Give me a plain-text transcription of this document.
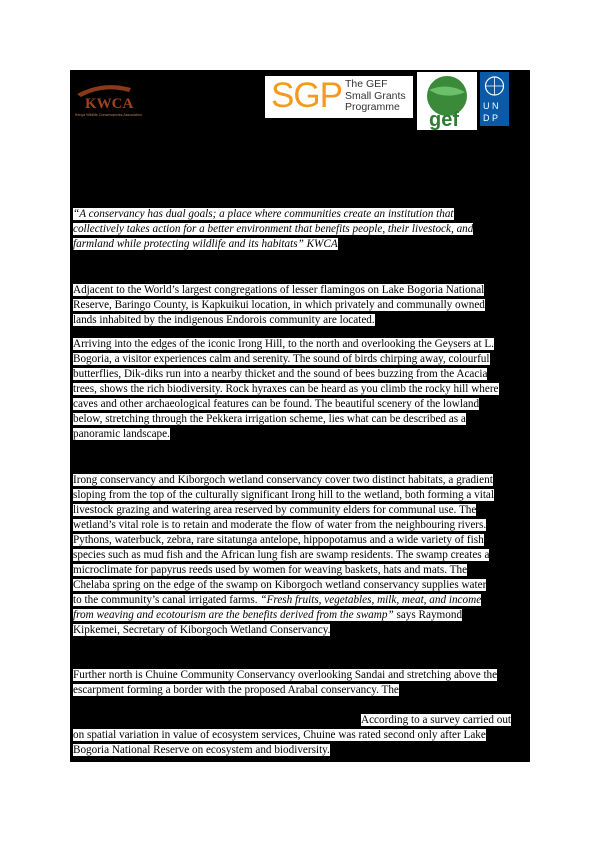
KWCA
Kenya Wildlife Conservancies Association	SGP The GEF
Small Grants
Programme
gef
U N
D P
“A conservancy has dual goals; a place where communities create an institution that
collectively takes action for a better environment that benefits people, their livestock, and
farmland while protecting wildlife and its habitats” KWCA
Adjacent to the World’s largest congregations of lesser flamingos on Lake Bogoria National
Reserve, Baringo County, is Kapkuikui location, in which privately and communally owned
lands inhabited by the indigenous Endorois community are located.
Arriving into the edges of the iconic Irong Hill, to the north and overlooking the Geysers at L.
Bogoria, a visitor experiences calm and serenity. The sound of birds chirping away, colourful
butterflies, Dik-diks run into a nearby thicket and the sound of bees buzzing from the Acacia
trees, shows the rich biodiversity. Rock hyraxes can be heard as you climb the rocky hill where
caves and other archaeological features can be found. The beautiful scenery of the lowland
below, stretching through the Pekkera irrigation scheme, lies what can be described as a
panoramic landscape.
Irong conservancy and Kiborgoch wetland conservancy cover two distinct habitats, a gradient
sloping from the top of the culturally significant Irong hill to the wetland, both forming a vital
livestock grazing and watering area reserved by community elders for communal use. The
wetland’s vital role is to retain and moderate the flow of water from the neighbouring rivers.
Pythons, waterbuck, zebra, rare sitatunga antelope, hippopotamus and a wide variety of fish
species such as mud fish and the African lung fish are swamp residents. The swamp creates a
microclimate for papyrus reeds used by women for weaving baskets, hats and mats. The
Chelaba spring on the edge of the swamp on Kiborgoch wetland conservancy supplies water
to the community’s canal irrigated farms. “Fresh fruits, vegetables, milk, meat, and income
from weaving and ecotourism are the benefits derived from the swamp” says Raymond
Kipkemei, Secretary of Kiborgoch Wetland Conservancy.
Further north is Chuine Community Conservancy overlooking Sandai and stretching above the
escarpment forming a border with the proposed Arabal conservancy. The
According to a survey carried out
on spatial variation in value of ecosystem services, Chuine was rated second only after Lake
Bogoria National Reserve on ecosystem and biodiversity.
